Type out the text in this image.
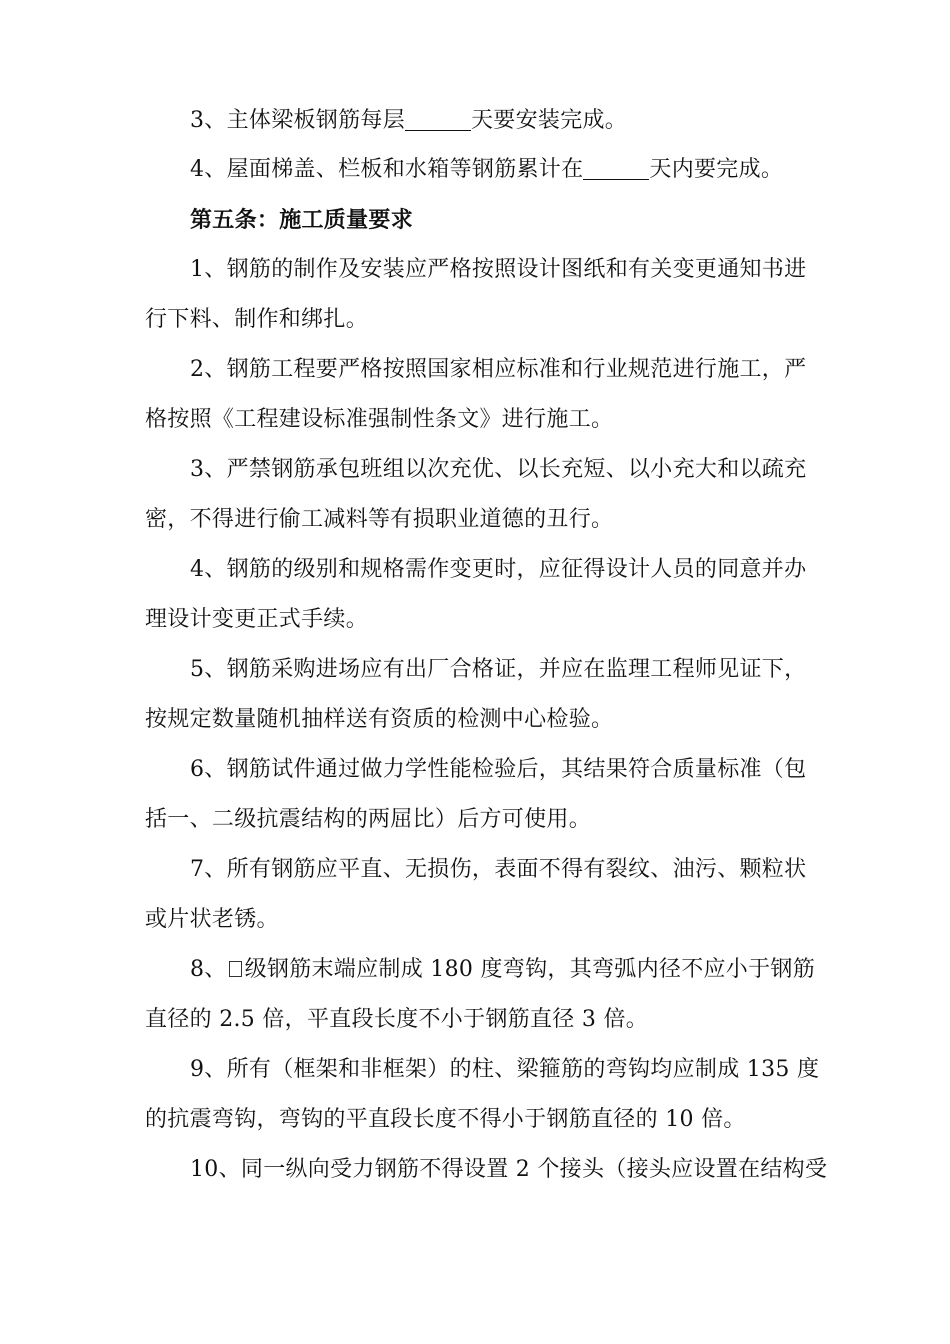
3、主体梁板钢筋每层	天要安装完成。
4、屋面梯盖、栏板和水箱等钢筋累计在	天内要完成。
第五条：施工质量要求
1、钢筋的制作及安装应严格按照设计图纸和有关变更通知书进
行下料、制作和绑扎。
2、钢筋工程要严格按照国家相应标准和行业规范进行施工，严
格按照《工程建设标准强制性条文》进行施工。
3、严禁钢筋承包班组以次充优、以长充短、以小充大和以疏充
密，不得进行偷工减料等有损职业道德的丑行。
4、钢筋的级别和规格需作变更时，应征得设计人员的同意并办
理设计变更正式手续。
5、钢筋采购进场应有出厂合格证，并应在监理工程师见证下，
按规定数量随机抽样送有资质的检测中心检验。
6、钢筋试件通过做力学性能检验后，其结果符合质量标准（包
括一、二级抗震结构的两屈比）后方可使用。
7、所有钢筋应平直、无损伤，表面不得有裂纹、油污、颗粒状
或片状老锈。
8、 级钢筋末端应制成 180 度弯钩，其弯弧内径不应小于钢筋
直径的 2.5 倍，平直段长度不小于钢筋直径 3 倍。
9、所有（框架和非框架）的柱、梁箍筋的弯钩均应制成 135 度
的抗震弯钩，弯钩的平直段长度不得小于钢筋直径的 10 倍。
10、同一纵向受力钢筋不得设置 2 个接头（接头应设置在结构受
